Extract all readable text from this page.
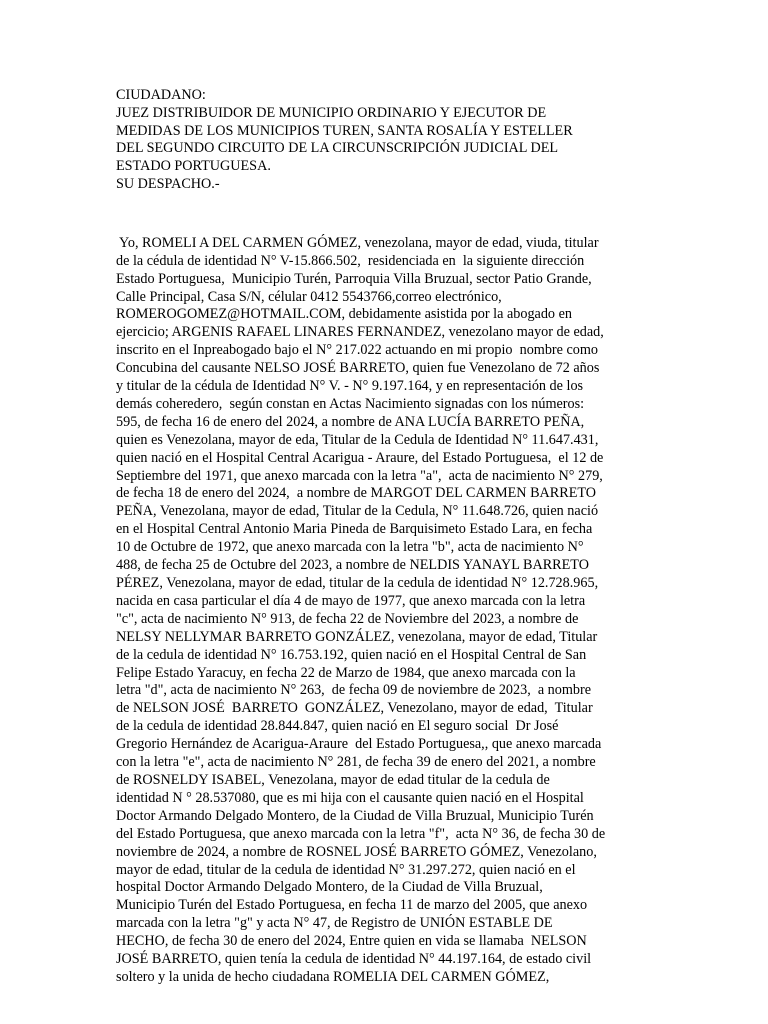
CIUDADANO:
JUEZ DISTRIBUIDOR DE MUNICIPIO ORDINARIO Y EJECUTOR DE
MEDIDAS DE LOS MUNICIPIOS TUREN, SANTA ROSALÍA Y ESTELLER
DEL SEGUNDO CIRCUITO DE LA CIRCUNSCRIPCIÓN JUDICIAL DEL
ESTADO PORTUGUESA.
SU DESPACHO.-
Yo, ROMELI A DEL CARMEN GÓMEZ, venezolana, mayor de edad, viuda, titular
de la cédula de identidad N° V-15.866.502,  residenciada en  la siguiente dirección
Estado Portuguesa,  Municipio Turén, Parroquia Villa Bruzual, sector Patio Grande,
Calle Principal, Casa S/N, célular 0412 5543766,correo electrónico,
ROMEROGOMEZ@HOTMAIL.COM, debidamente asistida por la abogado en
ejercicio; ARGENIS RAFAEL LINARES FERNANDEZ, venezolano mayor de edad,
inscrito en el Inpreabogado bajo el N° 217.022 actuando en mi propio  nombre como
Concubina del causante NELSO JOSÉ BARRETO, quien fue Venezolano de 72 años
y titular de la cédula de Identidad N° V. - N° 9.197.164, y en representación de los
demás coheredero,  según constan en Actas Nacimiento signadas con los números:
595, de fecha 16 de enero del 2024, a nombre de ANA LUCÍA BARRETO PEÑA,
quien es Venezolana, mayor de eda, Titular de la Cedula de Identidad N° 11.647.431,
quien nació en el Hospital Central Acarigua - Araure, del Estado Portuguesa,  el 12 de
Septiembre del 1971, que anexo marcada con la letra "a",  acta de nacimiento N° 279,
de fecha 18 de enero del 2024,  a nombre de MARGOT DEL CARMEN BARRETO
PEÑA, Venezolana, mayor de edad, Titular de la Cedula, N° 11.648.726, quien nació
en el Hospital Central Antonio Maria Pineda de Barquisimeto Estado Lara, en fecha
10 de Octubre de 1972, que anexo marcada con la letra "b", acta de nacimiento N°
488, de fecha 25 de Octubre del 2023, a nombre de NELDIS YANAYL BARRETO
PÉREZ, Venezolana, mayor de edad, titular de la cedula de identidad N° 12.728.965,
nacida en casa particular el día 4 de mayo de 1977, que anexo marcada con la letra
"c", acta de nacimiento N° 913, de fecha 22 de Noviembre del 2023, a nombre de
NELSY NELLYMAR BARRETO GONZÁLEZ, venezolana, mayor de edad, Titular
de la cedula de identidad N° 16.753.192, quien nació en el Hospital Central de San
Felipe Estado Yaracuy, en fecha 22 de Marzo de 1984, que anexo marcada con la
letra "d", acta de nacimiento N° 263,  de fecha 09 de noviembre de 2023,  a nombre
de NELSON JOSÉ  BARRETO  GONZÁLEZ, Venezolano, mayor de edad,  Titular
de la cedula de identidad 28.844.847, quien nació en El seguro social  Dr José
Gregorio Hernández de Acarigua-Araure  del Estado Portuguesa,, que anexo marcada
con la letra "e", acta de nacimiento N° 281, de fecha 39 de enero del 2021, a nombre
de ROSNELDY ISABEL, Venezolana, mayor de edad titular de la cedula de
identidad N ° 28.537080, que es mi hija con el causante quien nació en el Hospital
Doctor Armando Delgado Montero, de la Ciudad de Villa Bruzual, Municipio Turén
del Estado Portuguesa, que anexo marcada con la letra "f",  acta N° 36, de fecha 30 de
noviembre de 2024, a nombre de ROSNEL JOSÉ BARRETO GÓMEZ, Venezolano,
mayor de edad, titular de la cedula de identidad N° 31.297.272, quien nació en el
hospital Doctor Armando Delgado Montero, de la Ciudad de Villa Bruzual,
Municipio Turén del Estado Portuguesa, en fecha 11 de marzo del 2005, que anexo
marcada con la letra "g" y acta N° 47, de Registro de UNIÓN ESTABLE DE
HECHO, de fecha 30 de enero del 2024, Entre quien en vida se llamaba  NELSON
JOSÉ BARRETO, quien tenía la cedula de identidad N° 44.197.164, de estado civil
soltero y la unida de hecho ciudadana ROMELIA DEL CARMEN GÓMEZ,
